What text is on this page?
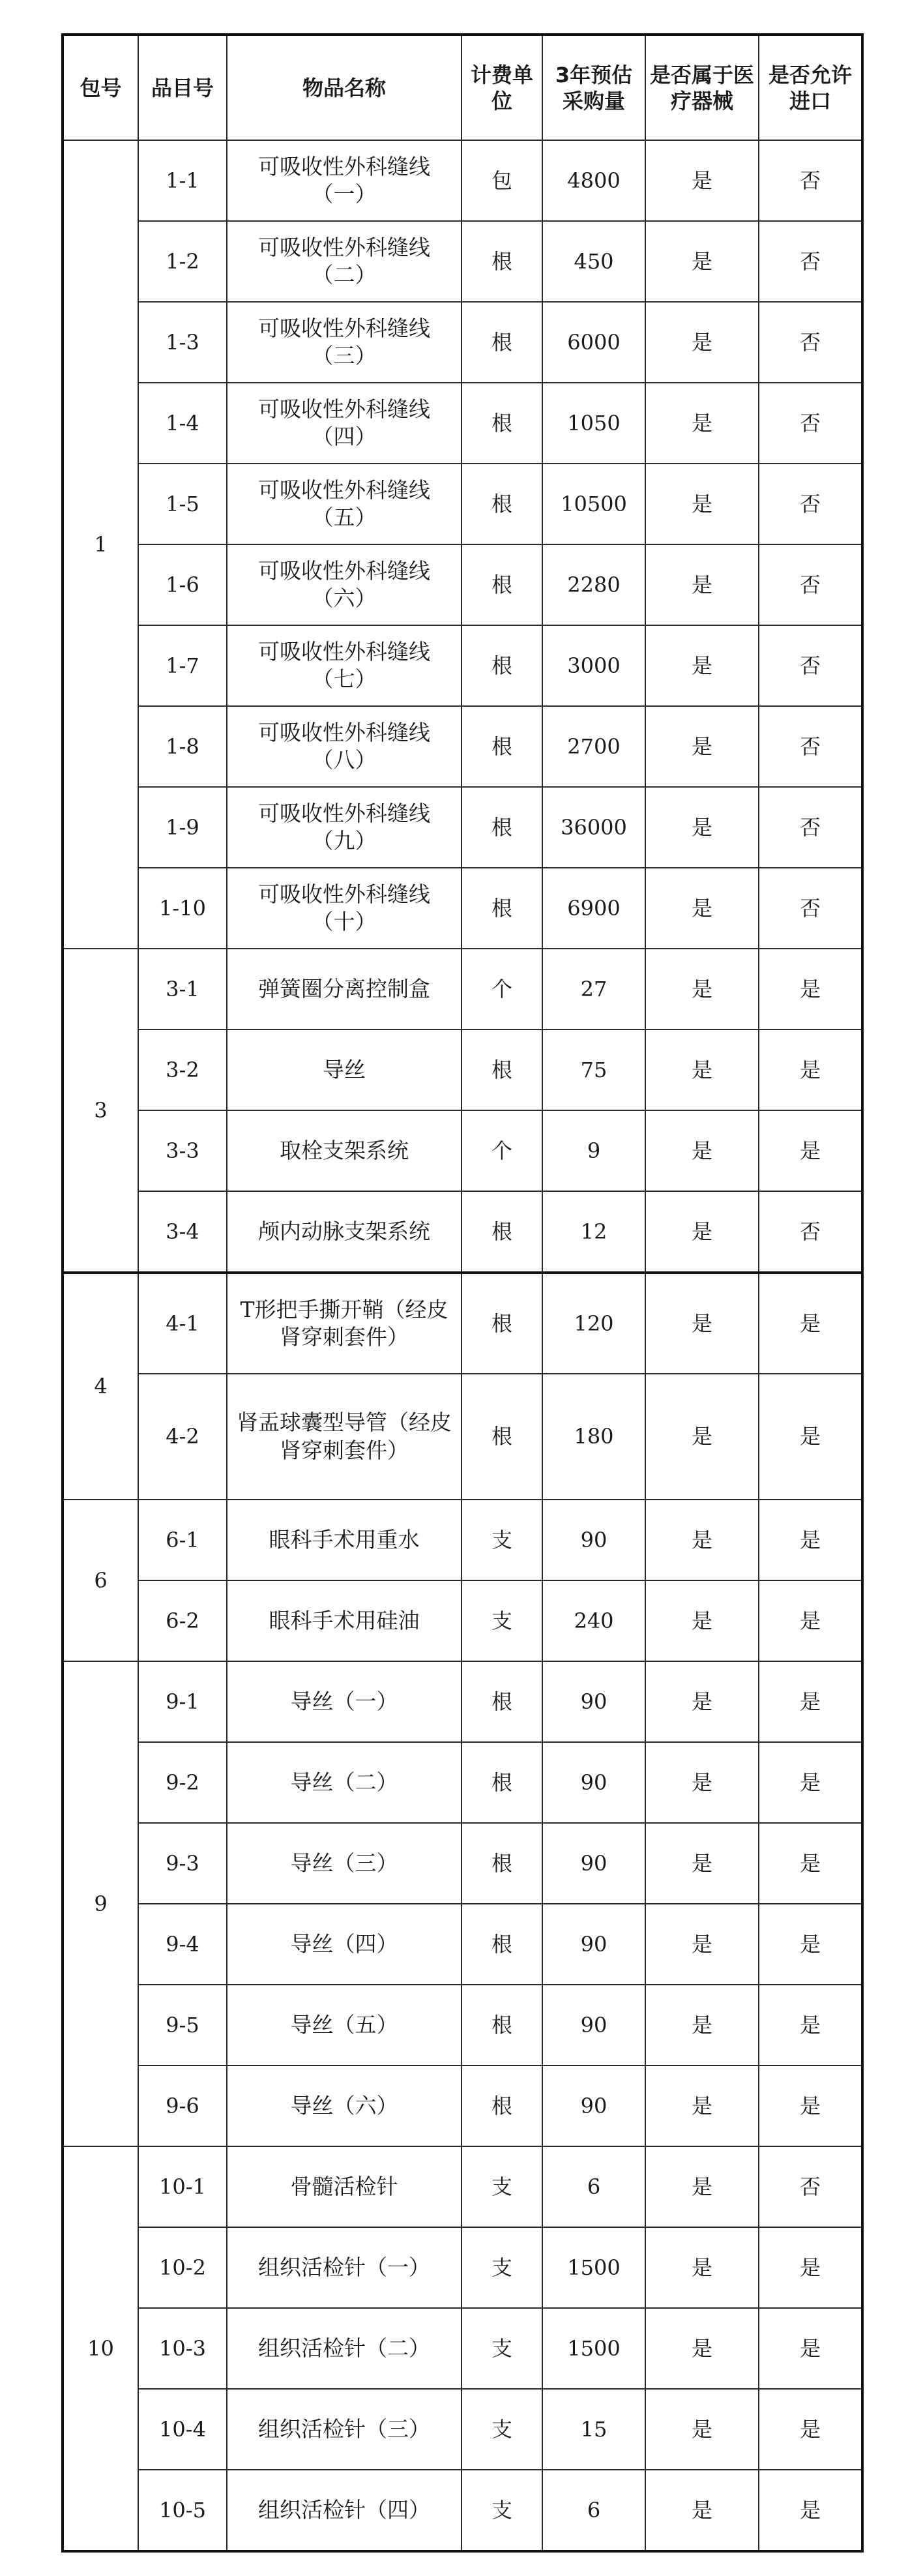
包号	品目号	物品名称	计费单位	3年预估采购量	是否属于医疗器械	是否允许进口
1	1-1	可吸收性外科缝线（一）	包	4800	是	否
	1-2	可吸收性外科缝线（二）	根	450	是	否
	1-3	可吸收性外科缝线（三）	根	6000	是	否
	1-4	可吸收性外科缝线（四）	根	1050	是	否
	1-5	可吸收性外科缝线（五）	根	10500	是	否
	1-6	可吸收性外科缝线（六）	根	2280	是	否
	1-7	可吸收性外科缝线（七）	根	3000	是	否
	1-8	可吸收性外科缝线（八）	根	2700	是	否
	1-9	可吸收性外科缝线（九）	根	36000	是	否
	1-10	可吸收性外科缝线（十）	根	6900	是	否
3	3-1	弹簧圈分离控制盒	个	27	是	是
	3-2	导丝	根	75	是	是
	3-3	取栓支架系统	个	9	是	是
	3-4	颅内动脉支架系统	根	12	是	否
4	4-1	T形把手撕开鞘（经皮肾穿刺套件）	根	120	是	是
	4-2	肾盂球囊型导管（经皮肾穿刺套件）	根	180	是	是
6	6-1	眼科手术用重水	支	90	是	是
	6-2	眼科手术用硅油	支	240	是	是
9	9-1	导丝（一）	根	90	是	是
	9-2	导丝（二）	根	90	是	是
	9-3	导丝（三）	根	90	是	是
	9-4	导丝（四）	根	90	是	是
	9-5	导丝（五）	根	90	是	是
	9-6	导丝（六）	根	90	是	是
10	10-1	骨髓活检针	支	6	是	否
	10-2	组织活检针（一）	支	1500	是	是
	10-3	组织活检针（二）	支	1500	是	是
	10-4	组织活检针（三）	支	15	是	是
	10-5	组织活检针（四）	支	6	是	是
